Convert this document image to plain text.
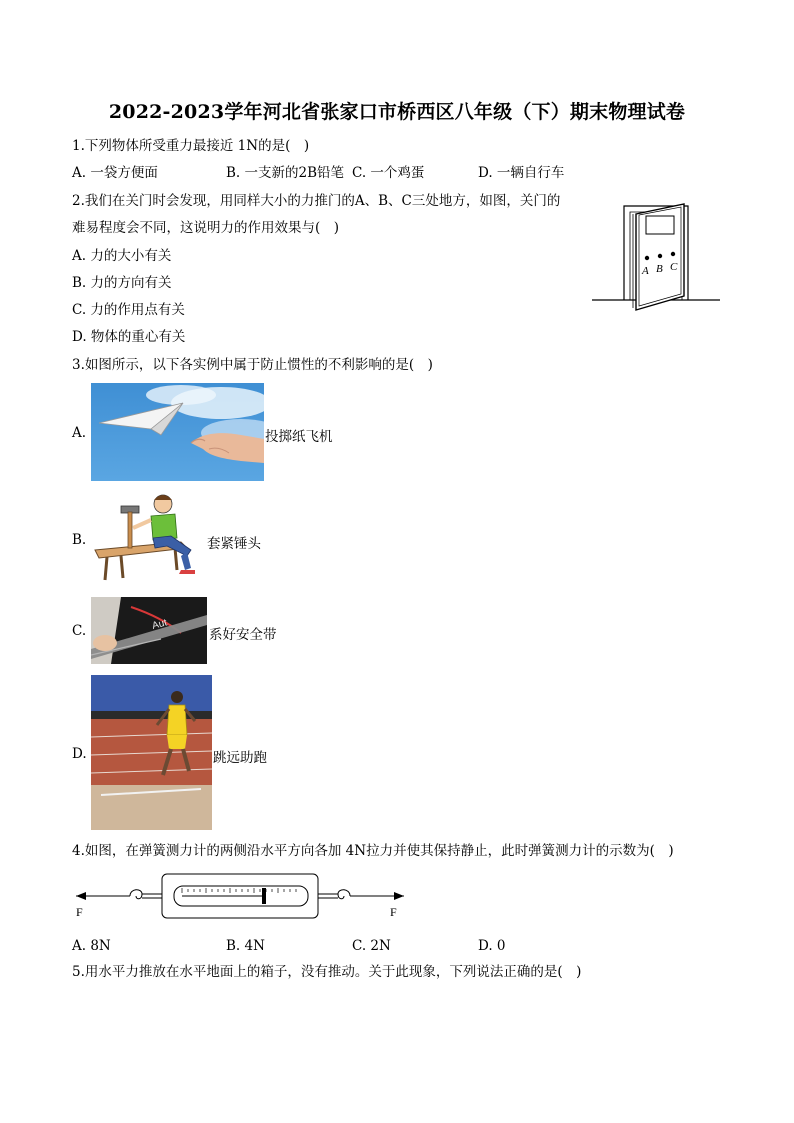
2022-2023学年河北省张家口市桥西区八年级（下）期末物理试卷
1.下列物体所受重力最接近 1N的是(　)
A. 一袋方便面	B. 一支新的2B铅笔 C. 一个鸡蛋	D. 一辆自行车
2.我们在关门时会发现，用同样大小的力推门的A、B、C三处地方，如图，关门的
难易程度会不同，这说明力的作用效果与(　)
A. 力的大小有关
B. 力的方向有关
C. 力的作用点有关
D. 物体的重心有关
A B C
3.如图所示，以下各实例中属于防止惯性的不利影响的是(　)
A.	投掷纸飞机
B.	套紧锤头
C.	Aut
系好安全带
D.	跳远助跑
4.如图，在弹簧测力计的两侧沿水平方向各加 4N拉力并使其保持静止，此时弹簧测力计的示数为(　)
F	F
A. 8N	B. 4N	C. 2N	D. 0
5.用水平力推放在水平地面上的箱子，没有推动。关于此现象，下列说法正确的是(　)
